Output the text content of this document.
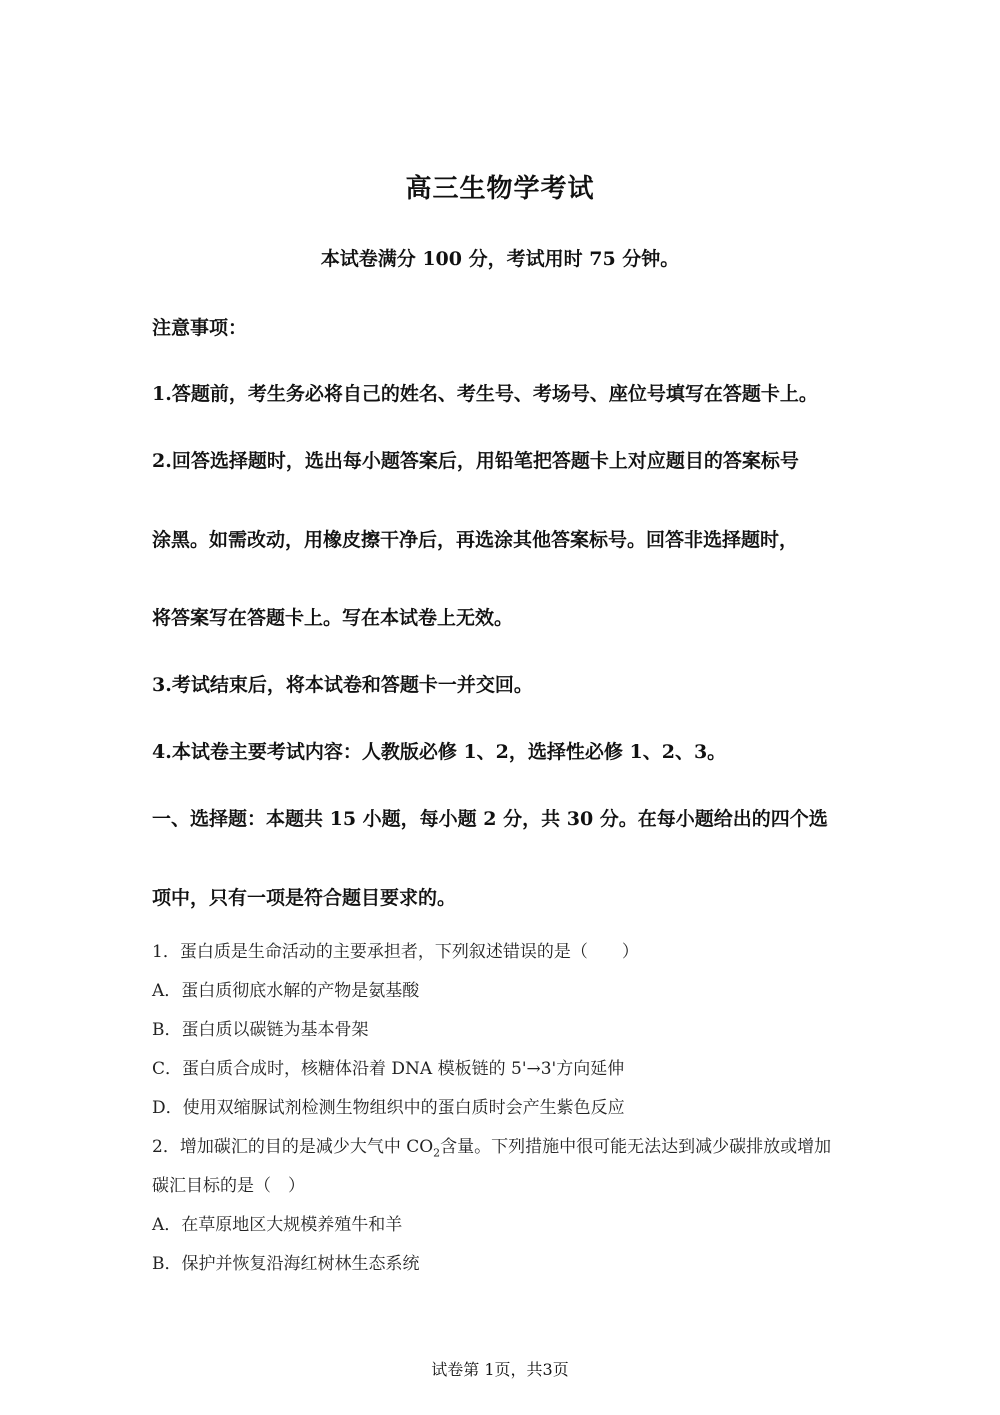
高三生物学考试
本试卷满分 100 分，考试用时 75 分钟。
注意事项：
1.答题前，考生务必将自己的姓名、考生号、考场号、座位号填写在答题卡上。
2.回答选择题时，选出每小题答案后，用铅笔把答题卡上对应题目的答案标号
涂黑。如需改动，用橡皮擦干净后，再选涂其他答案标号。回答非选择题时，
将答案写在答题卡上。写在本试卷上无效。
3.考试结束后，将本试卷和答题卡一并交回。
4.本试卷主要考试内容：人教版必修 1、2，选择性必修 1、2、3。
一、选择题：本题共 15 小题，每小题 2 分，共 30 分。在每小题给出的四个选
项中，只有一项是符合题目要求的。
1．蛋白质是生命活动的主要承担者，下列叙述错误的是（　　）
A．蛋白质彻底水解的产物是氨基酸
B．蛋白质以碳链为基本骨架
C．蛋白质合成时，核糖体沿着 DNA 模板链的 5'→3'方向延伸
D．使用双缩脲试剂检测生物组织中的蛋白质时会产生紫色反应
2．增加碳汇的目的是减少大气中 $CO_2$含量。下列措施中很可能无法达到减少碳排放或增加
碳汇目标的是（　）
A．在草原地区大规模养殖牛和羊
B．保护并恢复沿海红树林生态系统
试卷第 1页，共3页
